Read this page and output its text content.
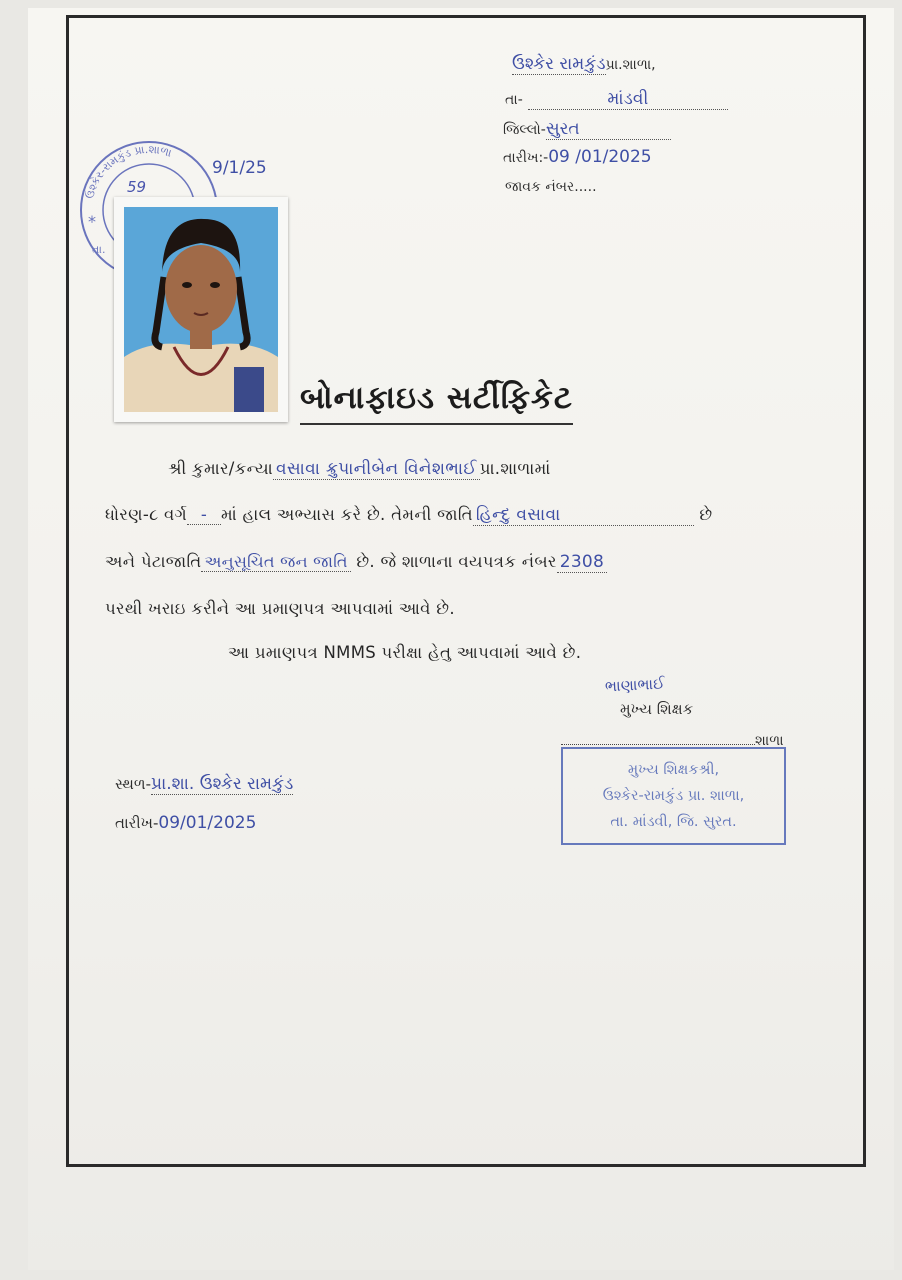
ઉશ્કેર રામકુંડપ્રા.શાળા,
તા-	માંડવી
જિલ્લો-સુરત
તારીખ:-09 /01/2025
જાવક નંબર.....
ઉશ્કેર-રામકુંડ પ્રા.શાળા
*
તા.
59
9/1/25
બોનાફાઇડ સર્ટીફિકેટ
શ્રી કુમાર/કન્યા વસાવા ક્રુપાનીબેન વિનેશભાઈ પ્રા.શાળામાં
ધોરણ-૮ વર્ગ - માં હાલ અભ્યાસ કરે છે. તેમની જાતિ હિન્દુ વસાવા	છે
અને પેટાજાતિ અનુસૂચિત જન જાતિ છે. જે શાળાના વયપત્રક નંબર 2308
પરથી ખરાઇ કરીને આ પ્રમાણપત્ર આપવામાં આવે છે.
આ પ્રમાણપત્ર NMMS પરીક્ષા હેતુ આપવામાં આવે છે.
ભાણાભાઈ
મુખ્ય શિક્ષક
શાળા
મુખ્ય શિક્ષકશ્રી,
ઉશ્કેર-રામકુંડ પ્રા. શાળા,
તા. માંડવી, જિ. સુરત.
સ્થળ-પ્રા.શા. ઉશ્કેર રામકુંડ
તારીખ-09/01/2025
